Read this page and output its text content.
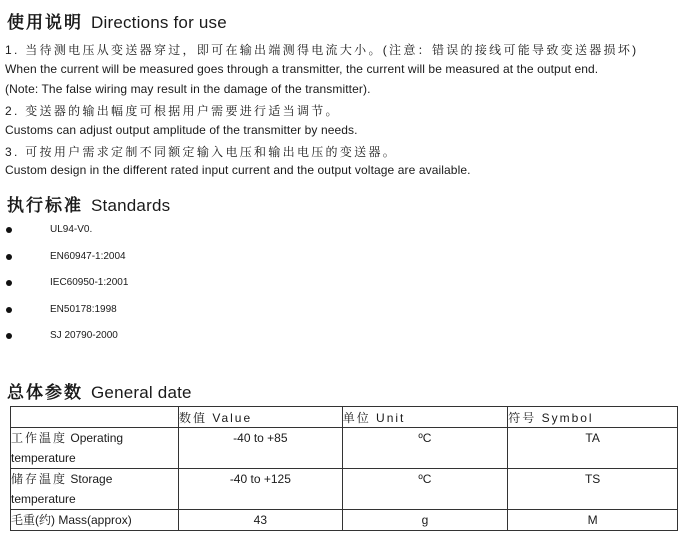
使用说明 Directions for use
1. 当待测电压从变送器穿过，即可在输出端测得电流大小。(注意：错误的接线可能导致变送器损坏)
When the current will be measured goes through a transmitter, the current will be measured at the output end.
(Note: The false wiring may result in the damage of the transmitter).
2. 变送器的输出幅度可根据用户需要进行适当调节。
Customs can adjust output amplitude of the transmitter by needs.
3. 可按用户需求定制不同额定输入电压和输出电压的变送器。
Custom design in the different rated input current and the output voltage are available.
执行标准 Standards
UL94-V0.
EN60947-1:2004
IEC60950-1:2001
EN50178:1998
SJ 20790-2000
总体参数 General date
	数值 Value	单位 Unit	符号 Symbol
工作温度 Operating
temperature	-40 to +85	ºC	TA
储存温度 Storage
temperature	-40 to +125	ºC	TS
毛重(约) Mass(approx)	43	g	M
